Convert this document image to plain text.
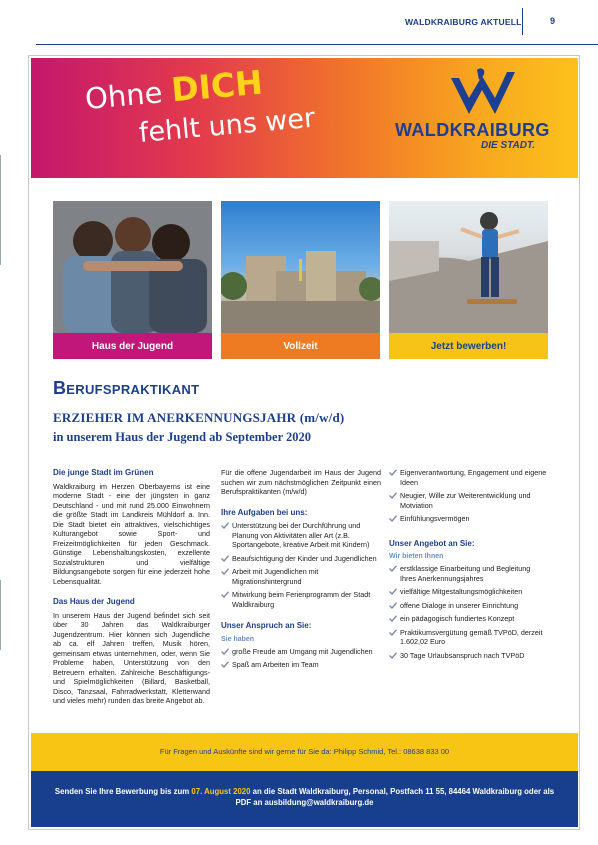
WALDKRAIBURG AKTUELL	9
Ohne DICH
fehlt uns wer	WALDKRAIBURG
DIE STADT.
Haus der Jugend	Vollzeit	Jetzt bewerben!
Berufspraktikant
ERZIEHER IM ANERKENNUNGSJAHR (m/w/d)
in unserem Haus der Jugend ab September 2020
Die junge Stadt im Grünen

Waldkraiburg im Herzen Oberbayerns ist eine moderne Stadt - eine der jüngsten in ganz Deutschland - und mit rund 25.000 Einwohnern die größte Stadt im Landkreis Mühldorf a. Inn. Die Stadt bietet ein attraktives, vielschichtiges Kulturangebot sowie Sport- und Freizeitmöglichkeiten für jeden Geschmack. Günstige Lebenshaltungskosten, exzellente Sozialstrukturen und vielfältige Bildungsangebote sorgen für eine jederzeit hohe Lebensqualität.

Das Haus der Jugend

In unserem Haus der Jugend befindet sich seit über 30 Jahren das Waldkraiburger Jugendzentrum. Hier können sich Jugendliche ab ca. elf Jahren treffen, Musik hören, gemeinsam etwas unternehmen, oder, wenn Sie Probleme haben, Unterstützung von den Betreuern erhalten. Zahlreiche Beschäftigungs- und Spielmöglichkeiten (Billard, Basketball, Disco, Tanzsaal, Fahrradwerkstatt, Kletterwand und vieles mehr) runden das breite Angebot ab.

Für die offene Jugendarbeit im Haus der Jugend suchen wir zum nächstmöglichen Zeitpunkt einen Berufspraktikanten (m/w/d)

Ihre Aufgaben bei uns:
Unterstützung bei der Durchführung und Planung von Aktivitäten aller Art (z.B. Sportangebote, kreative Arbeit mit Kindern)
Beaufsichtigung der Kinder und Jugendlichen
Arbeit mit Jugendlichen mit Migrationshintergrund
Mitwirkung beim Ferienprogramm der Stadt Waldkraiburg
Unser Anspruch an Sie:
Sie haben
große Freude am Umgang mit Jugendlichen
Spaß am Arbeiten im Team
Eigenverantwortung, Engagement und eigene Ideen
Neugier, Wille zur Weiterentwicklung und Motviation
Einfühlungsvermögen
Unser Angebot an Sie:
Wir bieten Ihnen
erstklassige Einarbeitung und Begleitung Ihres Anerkennungsjahres
vielfältige Mitgestaltungsmöglichkeiten
offene Dialoge in unserer Einrichtung
ein pädagogisch fundiertes Konzept
Praktikumsvergütung gemäß TVPöD, derzeit 1.602,02 Euro
30 Tage Urlaubsanspruch nach TVPöD
Für Fragen und Auskünfte sind wir gerne für Sie da: Philipp Schmid, Tel.: 08638 833 00
Senden Sie Ihre Bewerbung bis zum 07. August 2020 an die Stadt Waldkraiburg, Personal, Postfach 11 55, 84464 Waldkraiburg oder als PDF an ausbildung@waldkraiburg.de
